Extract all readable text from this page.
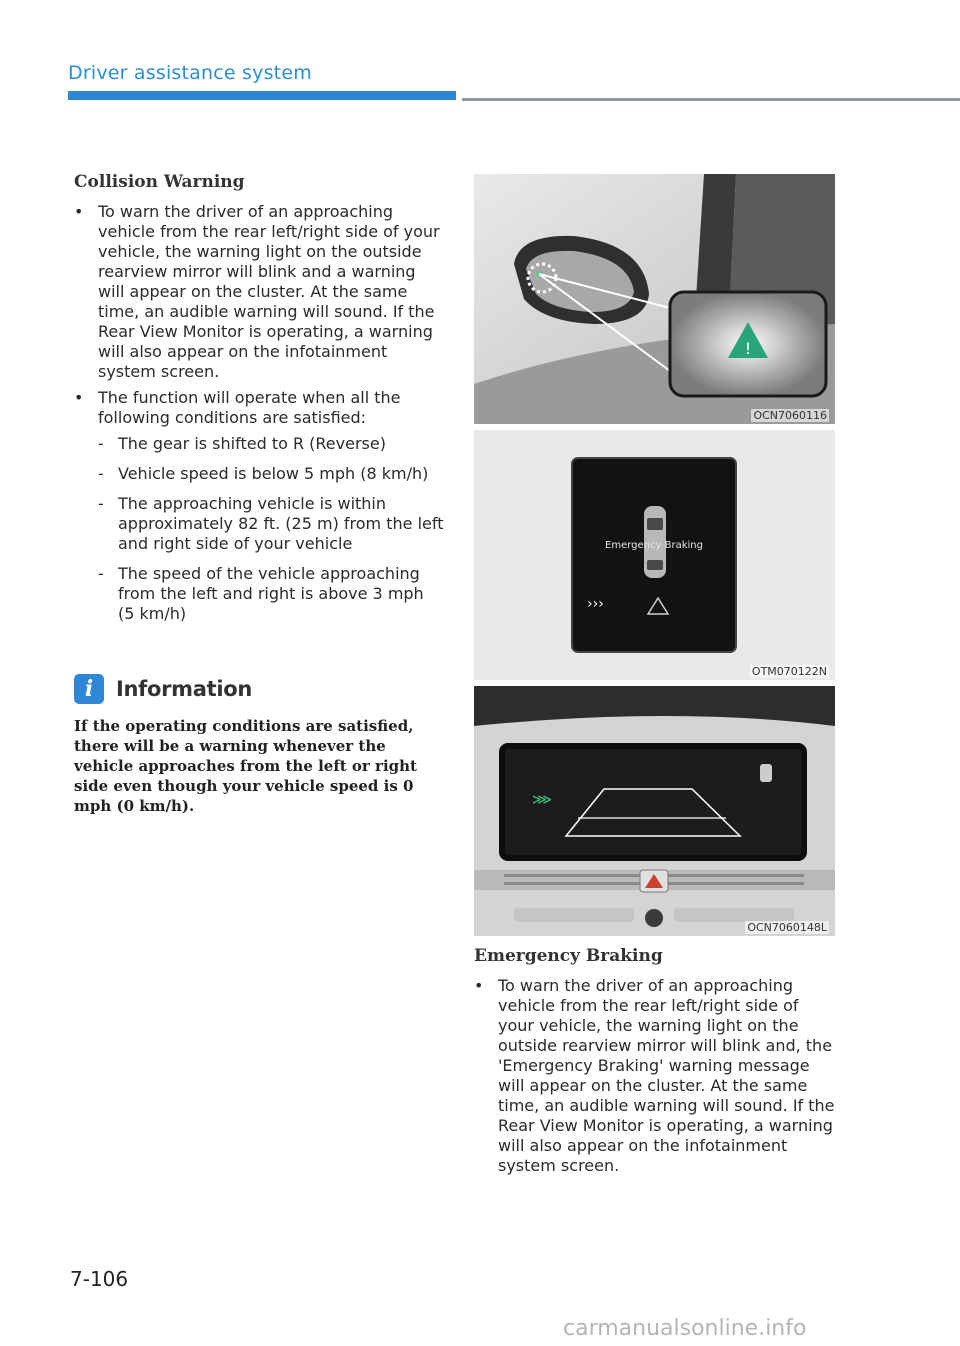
Driver assistance system
Collision Warning
• To warn the driver of an approaching vehicle from the rear left/right side of your vehicle, the warning light on the outside rearview mirror will blink and a warning will appear on the cluster. At the same time, an audible warning will sound. If the Rear View Monitor is operating, a warning will also appear on the infotainment system screen.
• The function will operate when all the following conditions are satisfied:
- The gear is shifted to R (Reverse)
- Vehicle speed is below 5 mph (8 km/h)
- The approaching vehicle is within approximately 82 ft. (25 m) from the left and right side of your vehicle
- The speed of the vehicle approaching from the left and right is above 3 mph (5 km/h)
i	Information
If the operating conditions are satisfied, there will be a warning whenever the vehicle approaches from the left or right side even though your vehicle speed is 0 mph (0 km/h).
!
OCN7060116
›››
Emergency Braking
OTM070122N
⋙
OCN7060148L
Emergency Braking
• To warn the driver of an approaching vehicle from the rear left/right side of your vehicle, the warning light on the outside rearview mirror will blink and, the 'Emergency Braking' warning message will appear on the cluster. At the same time, an audible warning will sound. If the Rear View Monitor is operating, a warning will also appear on the infotainment system screen.
7-106
carmanualsonline.info
